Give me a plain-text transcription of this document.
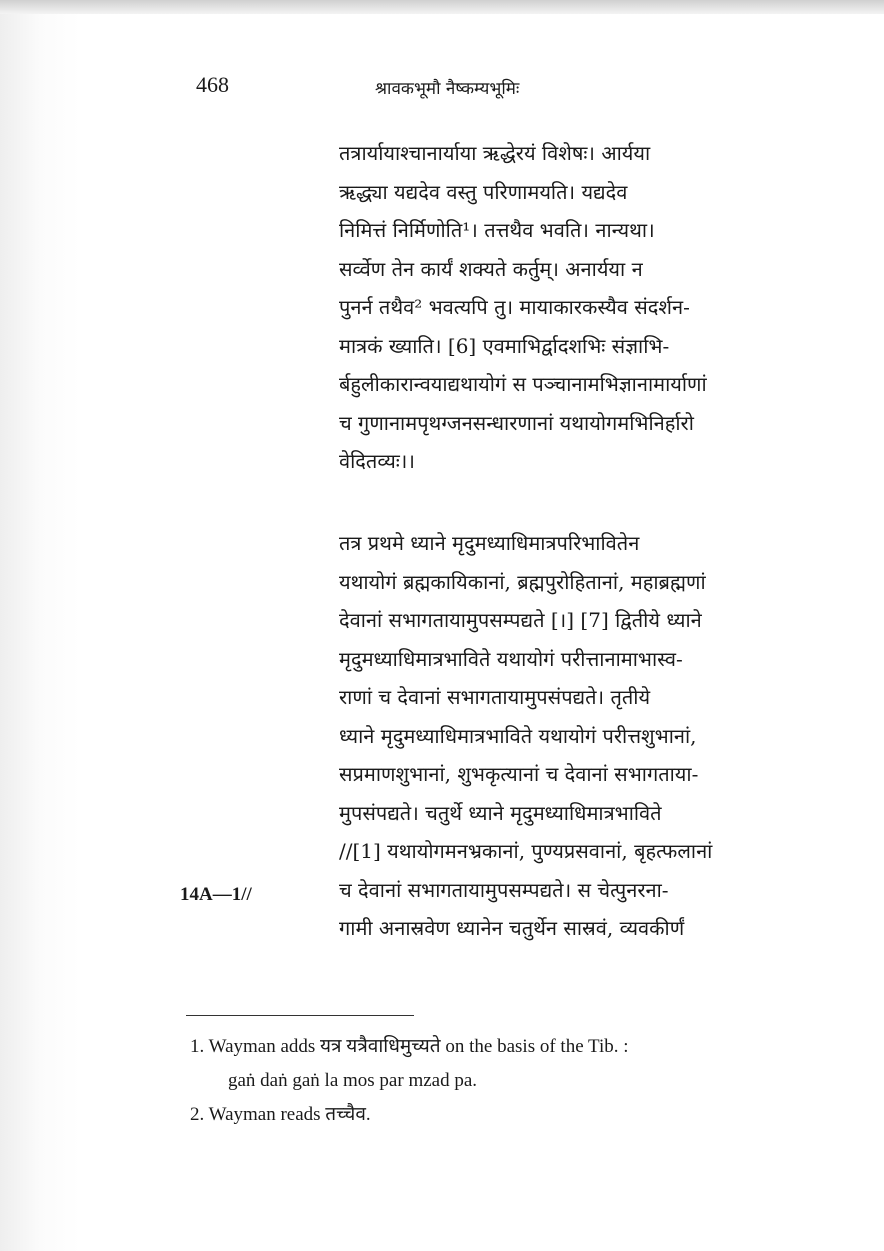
468	श्रावकभूमौ नैष्कम्यभूमिः
तत्रार्यायाश्चानार्याया ऋद्धेरयं विशेषः। आर्यया
ऋद्ध्या यद्यदेव वस्तु परिणामयति। यद्यदेव
निमित्तं निर्मिणोति¹। तत्तथैव भवति। नान्यथा।
सर्व्वेण तेन कार्यं शक्यते कर्तुम्। अनार्यया न
पुनर्न तथैव² भवत्यपि तु। मायाकारकस्यैव संदर्शन-
मात्रकं ख्याति। [6] एवमाभिर्द्वादशभिः संज्ञाभि-
र्बहुलीकारान्वयाद्यथायोगं स पञ्चानामभिज्ञानामार्याणां
च गुणानामपृथग्जनसन्धारणानां यथायोगमभिनिर्हारो
वेदितव्यः।।
तत्र प्रथमे ध्याने मृदुमध्याधिमात्रपरिभावितेन
यथायोगं ब्रह्मकायिकानां, ब्रह्मपुरोहितानां, महाब्रह्मणां
देवानां सभागतायामुपसम्पद्यते [।] [7] द्वितीये ध्याने
मृदुमध्याधिमात्रभाविते यथायोगं परीत्तानामाभास्व-
राणां च देवानां सभागतायामुपसंपद्यते। तृतीये
ध्याने मृदुमध्याधिमात्रभाविते यथायोगं परीत्तशुभानां,
सप्रमाणशुभानां, शुभकृत्यानां च देवानां सभागताया-
मुपसंपद्यते। चतुर्थे ध्याने मृदुमध्याधिमात्रभाविते
//[1] यथायोगमनभ्रकानां, पुण्यप्रसवानां, बृहत्फलानां
च देवानां सभागतायामुपसम्पद्यते। स चेत्पुनरना-
गामी अनास्रवेण ध्यानेन चतुर्थेन सास्रवं, व्यवकीर्णं
14A—1//
1. Wayman adds यत्र यत्रैवाधिमुच्यते on the basis of the Tib. :
gaṅ daṅ gaṅ la mos par mzad pa.
2. Wayman reads तच्चैव.
